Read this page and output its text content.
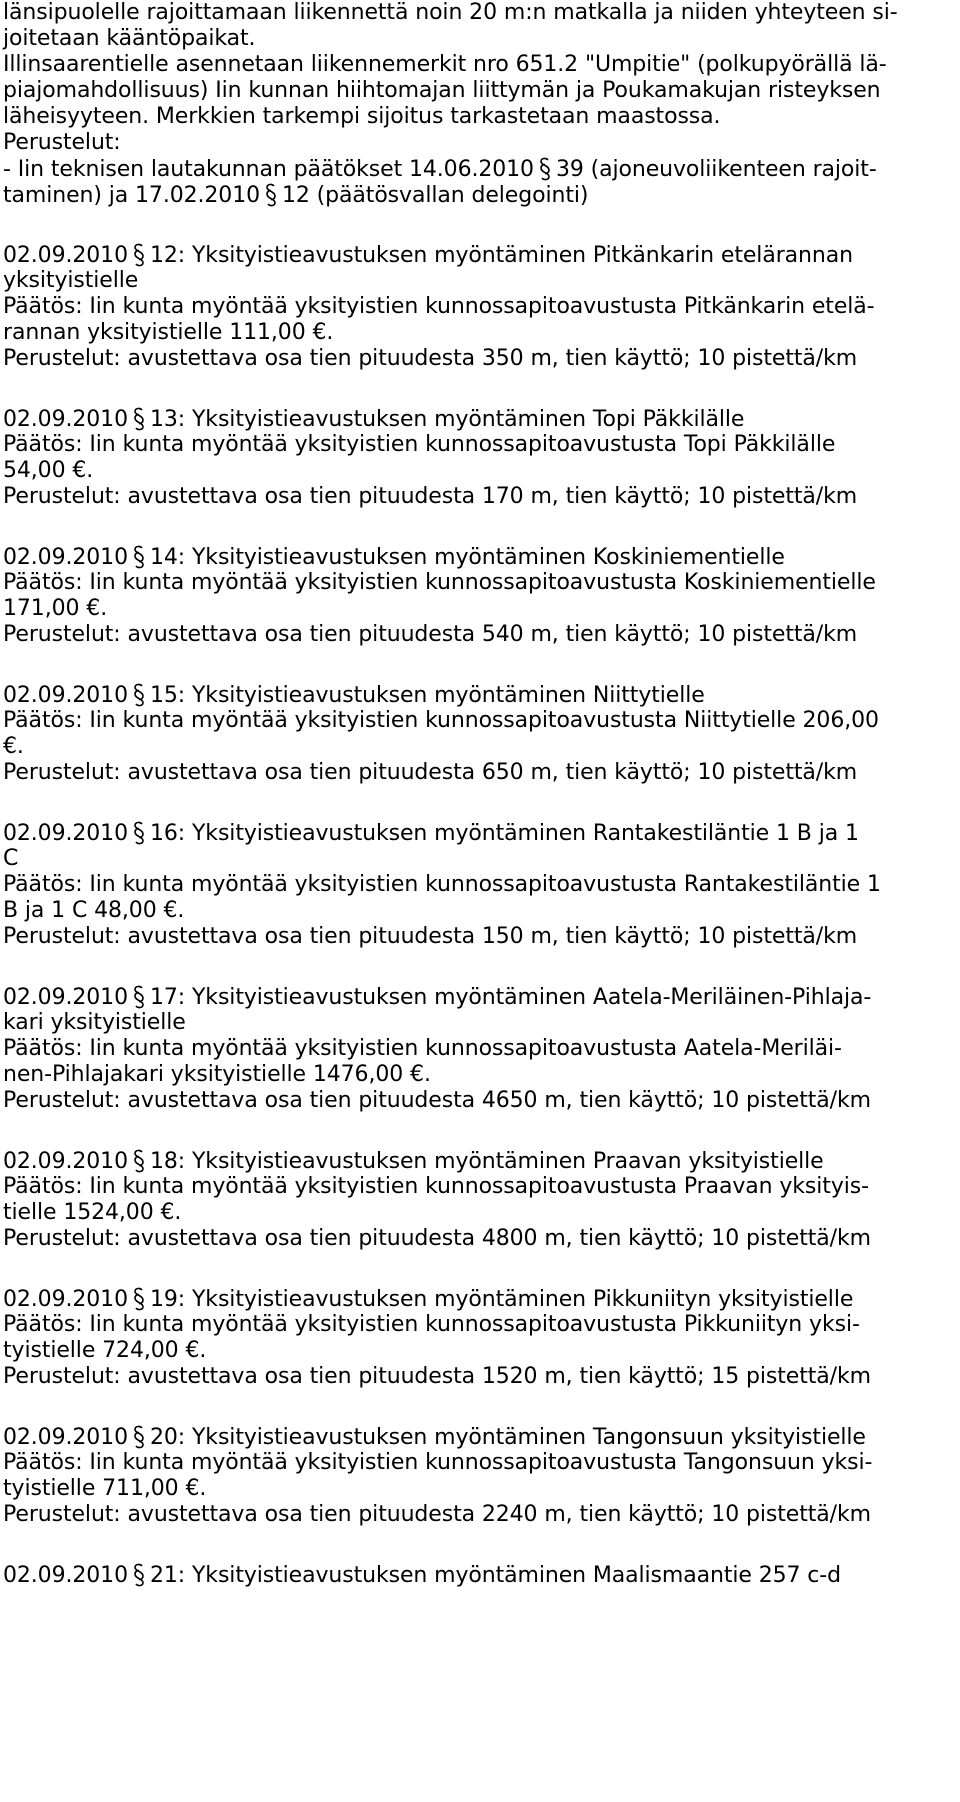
länsipuolelle rajoittamaan liikennettä noin 20 m:n matkalla ja niiden yhteyteen si-
joitetaan kääntöpaikat.
Illinsaarentielle asennetaan liikennemerkit nro 651.2 "Umpitie" (polkupyörällä lä-
piajomahdollisuus) Iin kunnan hiihtomajan liittymän ja Poukamakujan risteyksen
läheisyyteen. Merkkien tarkempi sijoitus tarkastetaan maastossa.
Perustelut:
- Iin teknisen lautakunnan päätökset 14.06.2010 39 (ajoneuvoliikenteen rajoit-
taminen) ja 17.02.2010 12 (päätösvallan delegointi)
02.09.2010 12: Yksityistieavustuksen myöntäminen Pitkänkarin etelärannan
yksityistielle
Päätös: Iin kunta myöntää yksityistien kunnossapitoavustusta Pitkänkarin etelä-
rannan yksityistielle 111,00 €.
Perustelut: avustettava osa tien pituudesta 350 m, tien käyttö; 10 pistettä/km
02.09.2010 13: Yksityistieavustuksen myöntäminen Topi Päkkilälle
Päätös: Iin kunta myöntää yksityistien kunnossapitoavustusta Topi Päkkilälle
54,00 €.
Perustelut: avustettava osa tien pituudesta 170 m, tien käyttö; 10 pistettä/km
02.09.2010 14: Yksityistieavustuksen myöntäminen Koskiniementielle
Päätös: Iin kunta myöntää yksityistien kunnossapitoavustusta Koskiniementielle
171,00 €.
Perustelut: avustettava osa tien pituudesta 540 m, tien käyttö; 10 pistettä/km
02.09.2010 15: Yksityistieavustuksen myöntäminen Niittytielle
Päätös: Iin kunta myöntää yksityistien kunnossapitoavustusta Niittytielle 206,00
€.
Perustelut: avustettava osa tien pituudesta 650 m, tien käyttö; 10 pistettä/km
02.09.2010 16: Yksityistieavustuksen myöntäminen Rantakestiläntie 1 B ja 1
C
Päätös: Iin kunta myöntää yksityistien kunnossapitoavustusta Rantakestiläntie 1
B ja 1 C 48,00 €.
Perustelut: avustettava osa tien pituudesta 150 m, tien käyttö; 10 pistettä/km
02.09.2010 17: Yksityistieavustuksen myöntäminen Aatela-Meriläinen-Pihlaja-
kari yksityistielle
Päätös: Iin kunta myöntää yksityistien kunnossapitoavustusta Aatela-Meriläi-
nen-Pihlajakari yksityistielle 1476,00 €.
Perustelut: avustettava osa tien pituudesta 4650 m, tien käyttö; 10 pistettä/km
02.09.2010 18: Yksityistieavustuksen myöntäminen Praavan yksityistielle
Päätös: Iin kunta myöntää yksityistien kunnossapitoavustusta Praavan yksityis-
tielle 1524,00 €.
Perustelut: avustettava osa tien pituudesta 4800 m, tien käyttö; 10 pistettä/km
02.09.2010 19: Yksityistieavustuksen myöntäminen Pikkuniityn yksityistielle
Päätös: Iin kunta myöntää yksityistien kunnossapitoavustusta Pikkuniityn yksi-
tyistielle 724,00 €.
Perustelut: avustettava osa tien pituudesta 1520 m, tien käyttö; 15 pistettä/km
02.09.2010 20: Yksityistieavustuksen myöntäminen Tangonsuun yksityistielle
Päätös: Iin kunta myöntää yksityistien kunnossapitoavustusta Tangonsuun yksi-
tyistielle 711,00 €.
Perustelut: avustettava osa tien pituudesta 2240 m, tien käyttö; 10 pistettä/km
02.09.2010 21: Yksityistieavustuksen myöntäminen Maalismaantie 257 c-d
